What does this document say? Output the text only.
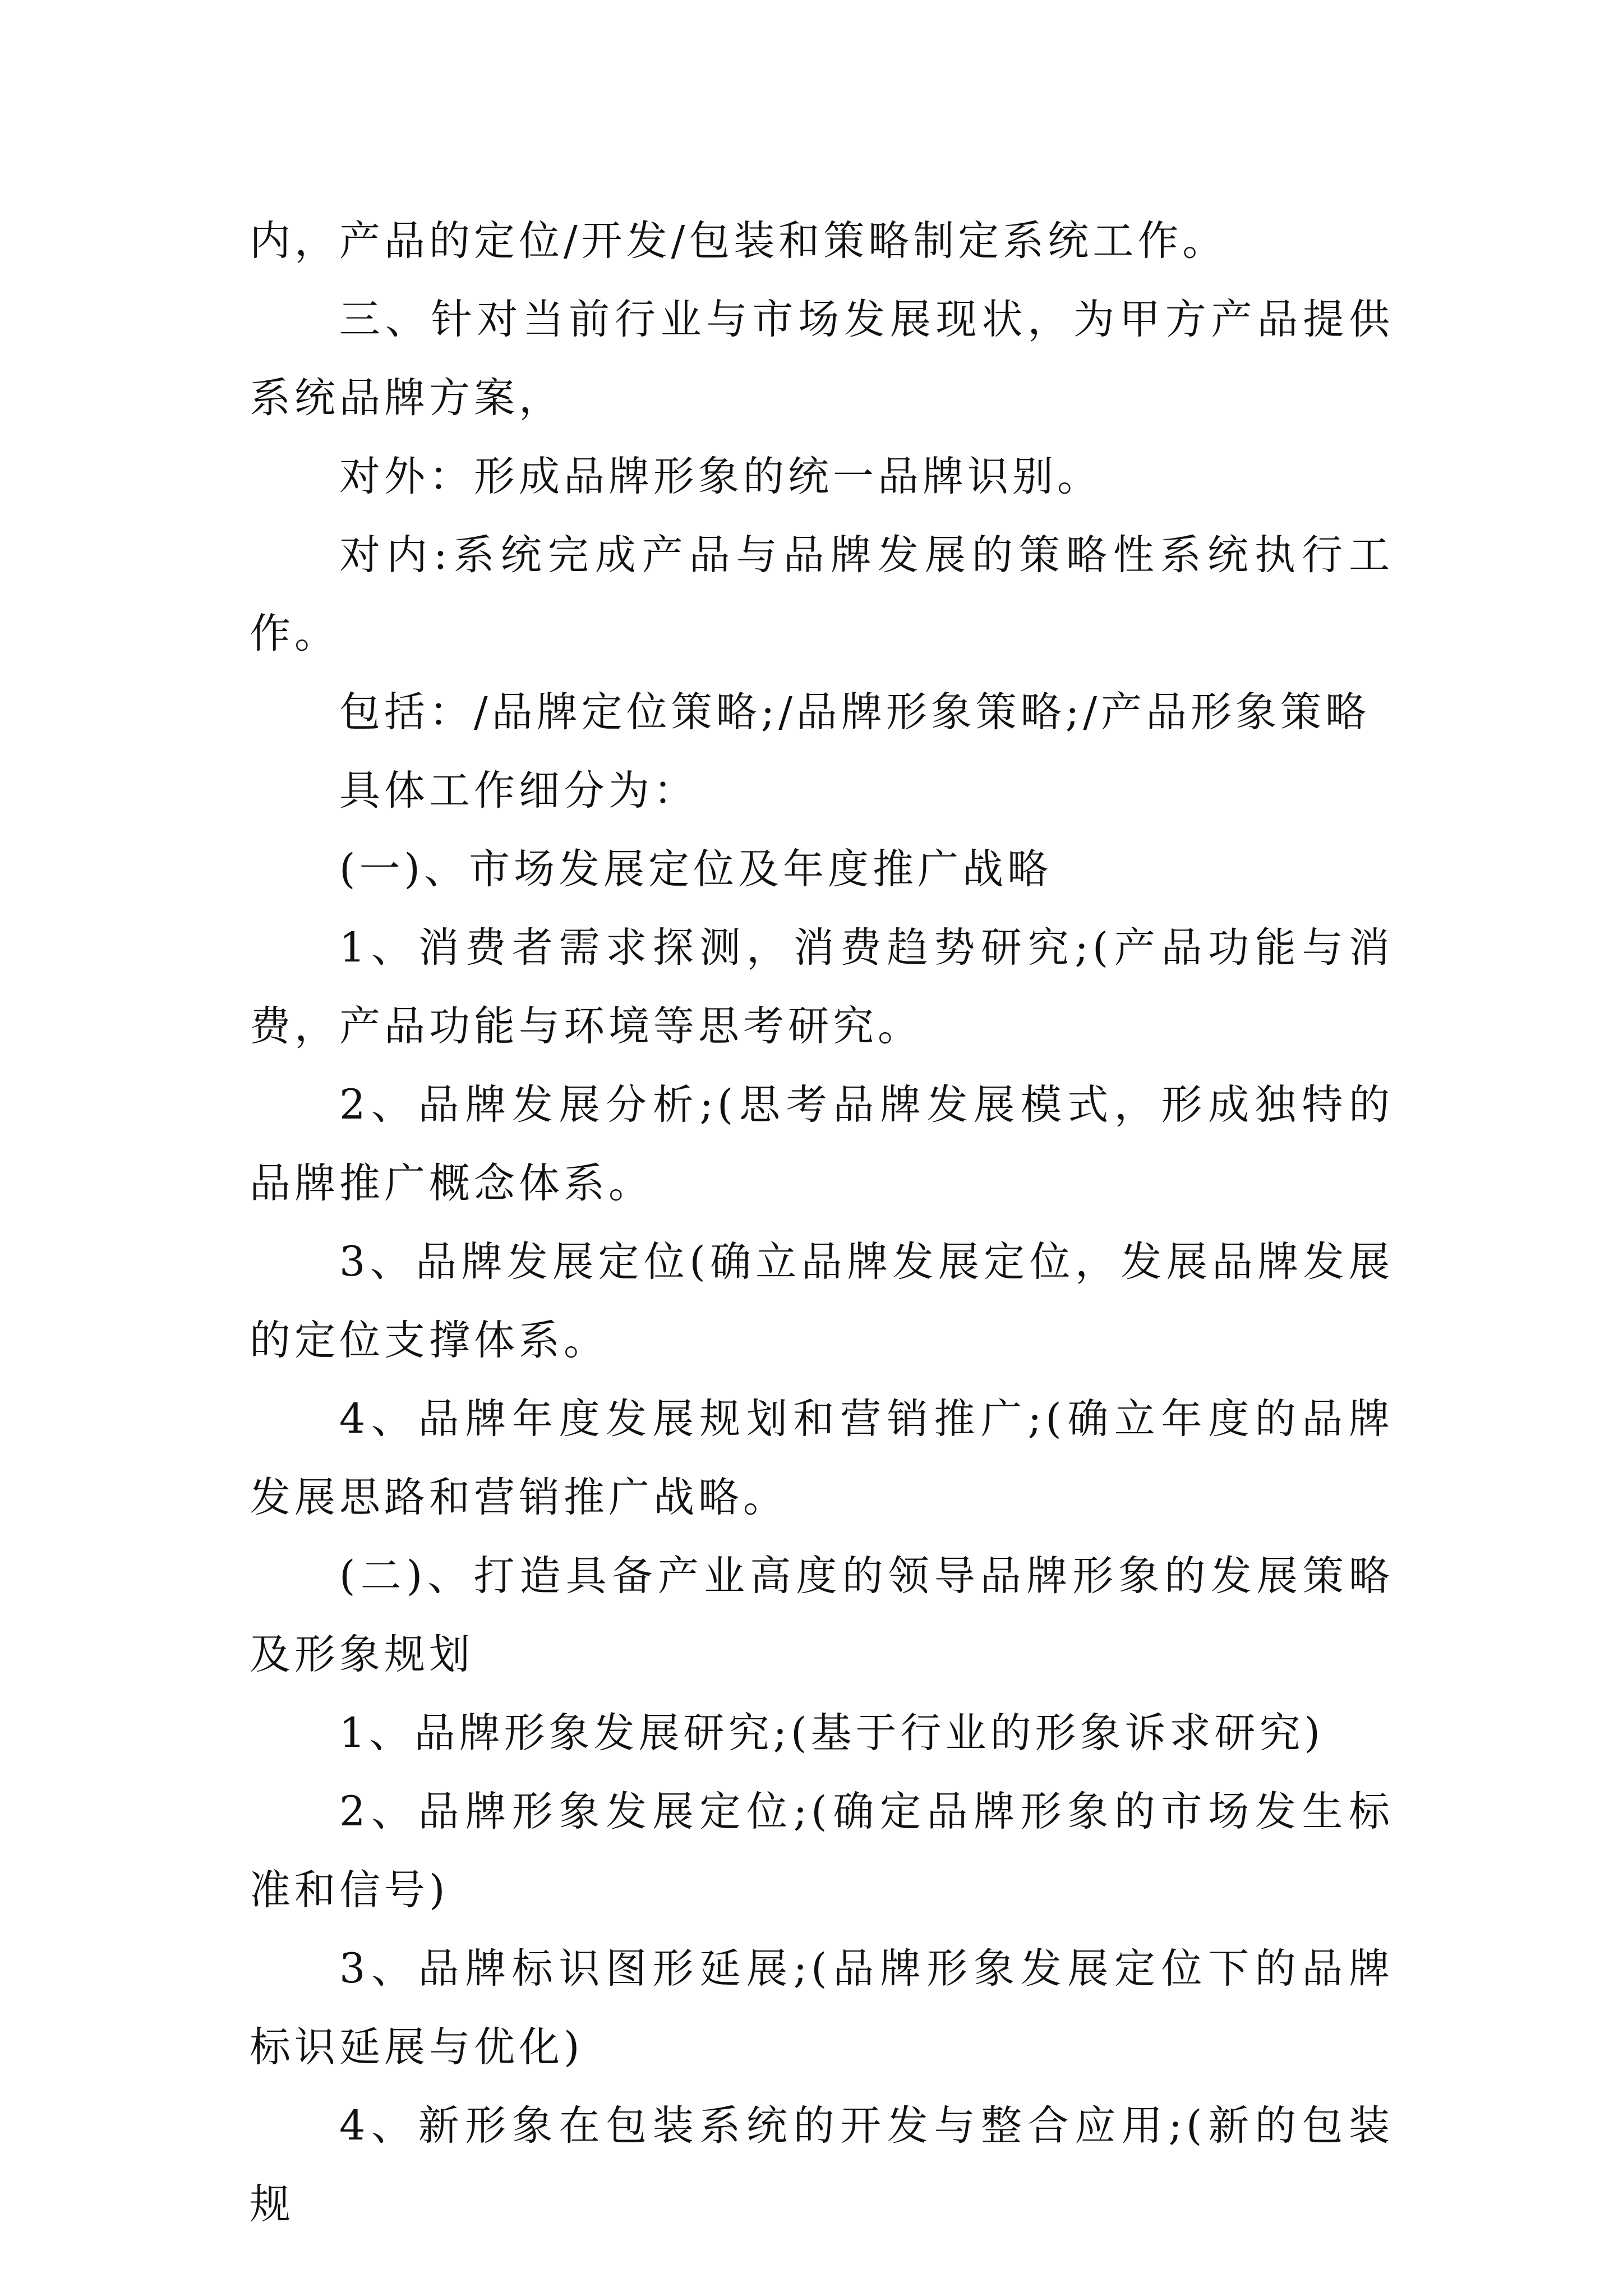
内，产品的定位/开发/包装和策略制定系统工作。

三、针对当前行业与市场发展现状，为甲方产品提供系统品牌方案，

对外：形成品牌形象的统一品牌识别。

对内:系统完成产品与品牌发展的策略性系统执行工作。

包括：/品牌定位策略;/品牌形象策略;/产品形象策略

具体工作细分为：

(一)、市场发展定位及年度推广战略

1、消费者需求探测，消费趋势研究;(产品功能与消费，产品功能与环境等思考研究。

2、品牌发展分析;(思考品牌发展模式，形成独特的品牌推广概念体系。

3、品牌发展定位(确立品牌发展定位，发展品牌发展的定位支撑体系。

4、品牌年度发展规划和营销推广;(确立年度的品牌发展思路和营销推广战略。

(二)、打造具备产业高度的领导品牌形象的发展策略及形象规划

1、品牌形象发展研究;(基于行业的形象诉求研究)

2、品牌形象发展定位;(确定品牌形象的市场发生标准和信号)

3、品牌标识图形延展;(品牌形象发展定位下的品牌标识延展与优化)

4、新形象在包装系统的开发与整合应用;(新的包装规
